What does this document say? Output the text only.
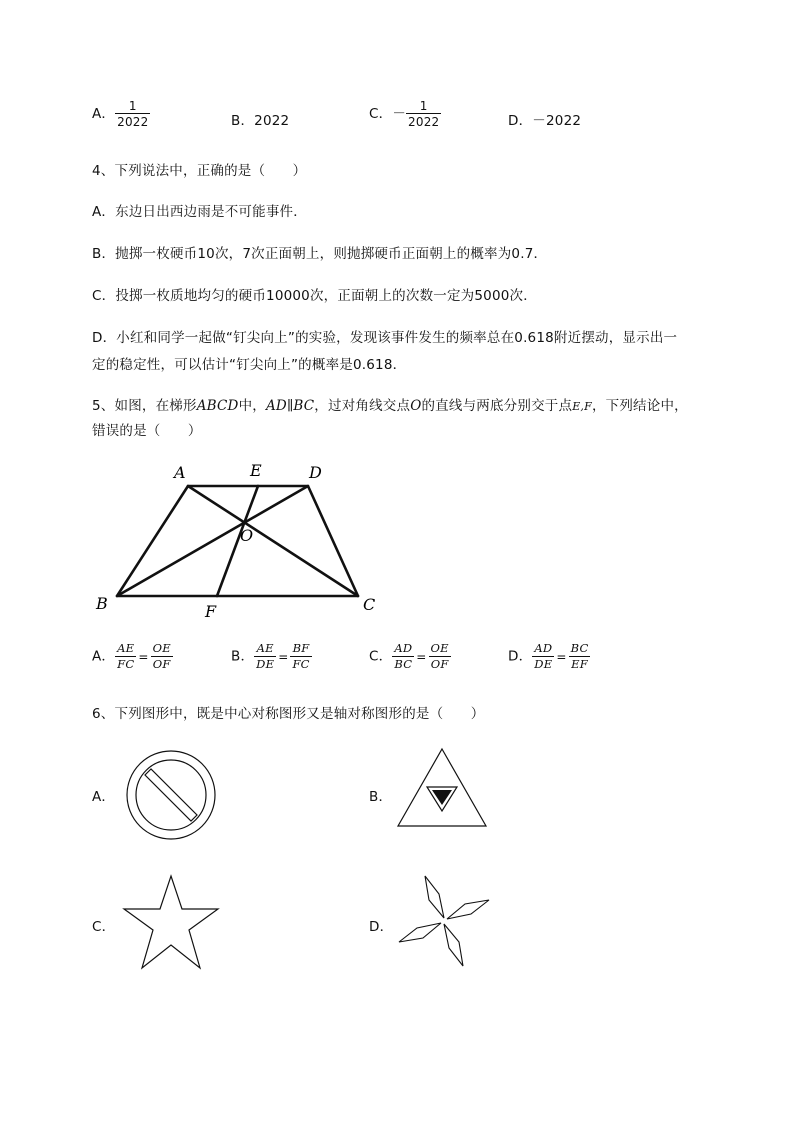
A． $\frac{1}{2022}$	B．2022	C．－ $\frac{1}{2022}$	D．－2022
4、下列说法中，正确的是（　　）
A．东边日出西边雨是不可能事件．
B．抛掷一枚硬币10次，7次正面朝上，则抛掷硬币正面朝上的概率为0.7．
C．投掷一枚质地均匀的硬币10000次，正面朝上的次数一定为5000次．
D．小红和同学一起做“钉尖向上”的实验，发现该事件发生的频率总在0.618附近摆动，显示出一
定的稳定性，可以估计“钉尖向上”的概率是0.618．
5、如图，在梯形ABCD中，AD∥BC，过对角线交点O的直线与两底分别交于点E,F，下列结论中，
错误的是（　　）
A	E	D
O
B	F	C
A． $\frac{AE}{FC} = \frac{OE}{OF}$	B． $\frac{AE}{DE} = \frac{BF}{FC}$	C． $\frac{AD}{BC} = \frac{OE}{OF}$	D． $\frac{AD}{DE} = \frac{BC}{EF}$
6、下列图形中，既是中心对称图形又是轴对称图形的是（　　）
A．	B．
C．	D．
